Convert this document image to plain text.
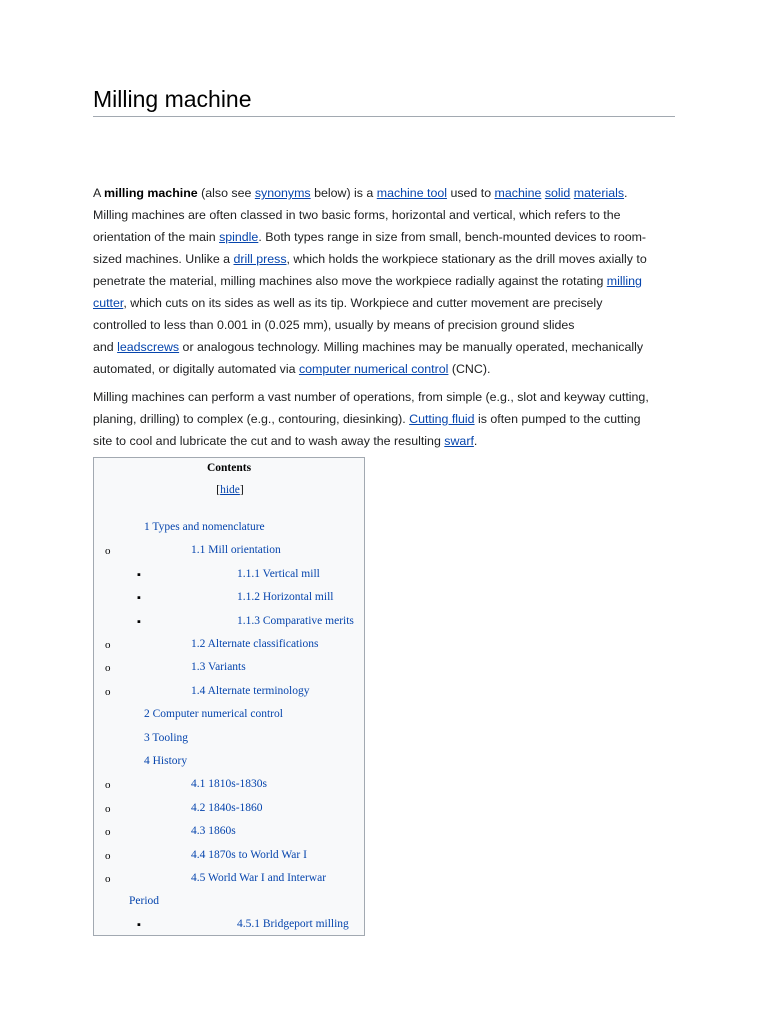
Milling machine

A milling machine (also see synonyms below) is a machine tool used to machine solid materials.
Milling machines are often classed in two basic forms, horizontal and vertical, which refers to the
orientation of the main spindle. Both types range in size from small, bench-mounted devices to room-
sized machines. Unlike a drill press, which holds the workpiece stationary as the drill moves axially to
penetrate the material, milling machines also move the workpiece radially against the rotating milling
cutter, which cuts on its sides as well as its tip. Workpiece and cutter movement are precisely
controlled to less than 0.001 in (0.025 mm), usually by means of precision ground slides
and leadscrews or analogous technology. Milling machines may be manually operated, mechanically
automated, or digitally automated via computer numerical control (CNC).

Milling machines can perform a vast number of operations, from simple (e.g., slot and keyway cutting,
planing, drilling) to complex (e.g., contouring, diesinking). Cutting fluid is often pumped to the cutting
site to cool and lubricate the cut and to wash away the resulting swarf.

Contents
[hide]
1 Types and nomenclature
o	1.1 Mill orientation
▪	1.1.1 Vertical mill
▪	1.1.2 Horizontal mill
▪	1.1.3 Comparative merits
o	1.2 Alternate classifications
o	1.3 Variants
o	1.4 Alternate terminology
2 Computer numerical control
3 Tooling
4 History
o	4.1 1810s-1830s
o	4.2 1840s-1860
o	4.3 1860s
o	4.4 1870s to World War I
o	4.5 World War I and Interwar
Period
▪	4.5.1 Bridgeport milling
